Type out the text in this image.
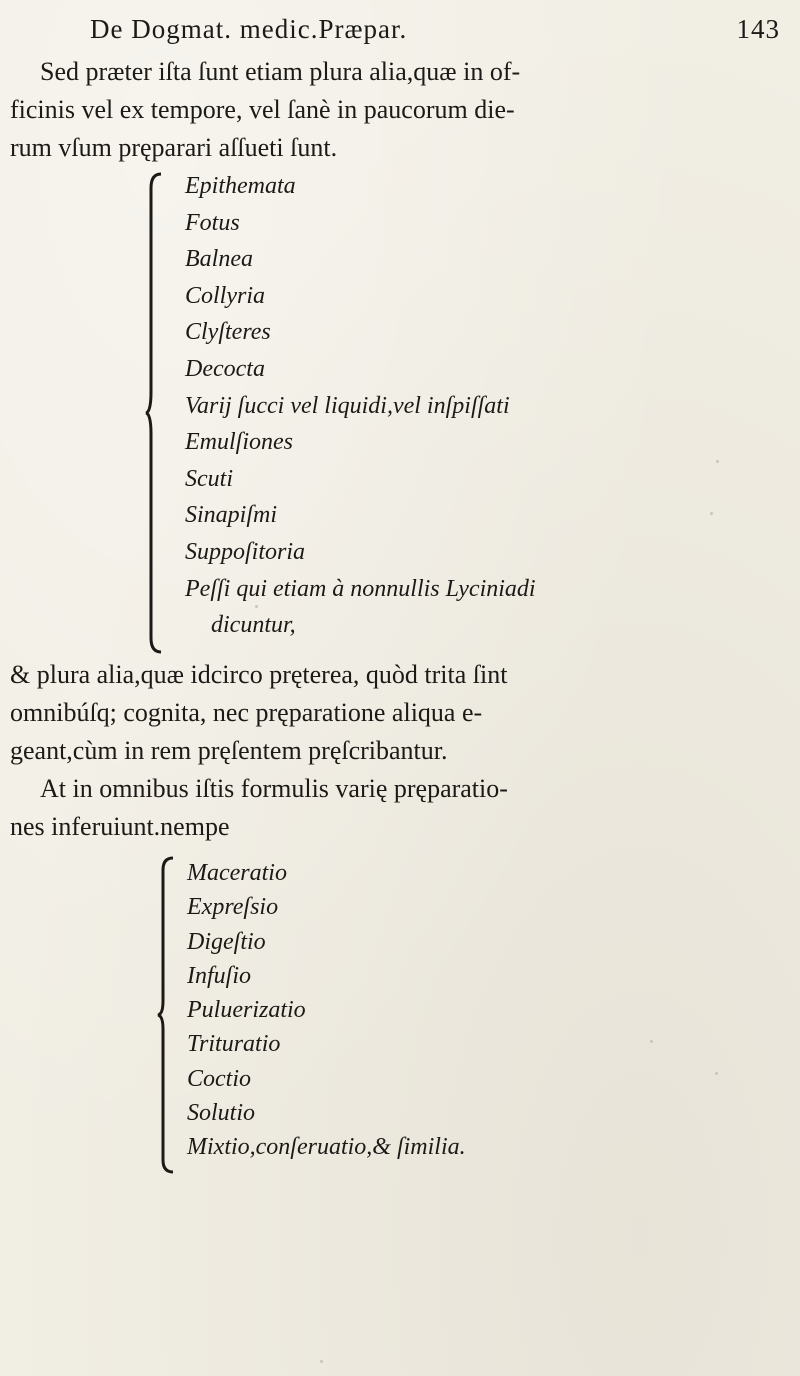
De Dogmat. medic.Præpar.	143
Sed præter iſta ſunt etiam plura alia,quæ in of-
ficinis vel ex tempore, vel ſanè in paucorum die-
rum vſum pręparari aſſueti ſunt.
Epithemata
Fotus
Balnea
Collyria
Clyſteres
Decocta
Varij ſucci vel liquidi,vel inſpiſſati
Emulſiones
Scuti
Sinapiſmi
Suppoſitoria
Peſſi qui etiam à nonnullis Lyciniadi
dicuntur,
& plura alia,quæ idcirco pręterea, quòd trita ſint
omnibúſq; cognita, nec pręparatione aliqua e-
geant,cùm in rem pręſentem pręſcribantur.
At in omnibus iſtis formulis varię pręparatio-
nes inferuiunt.nempe
Maceratio
Expreſsio
Digeſtio
Infuſio
Puluerizatio
Trituratio
Coctio
Solutio
Mixtio,conſeruatio,& ſimilia.
